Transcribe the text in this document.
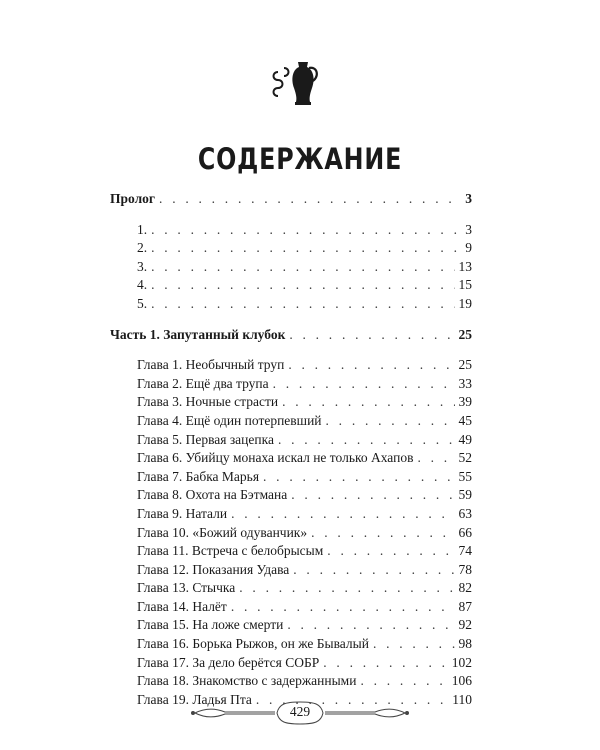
СОДЕРЖАНИЕ
Пролог . . .	3
1. . . .	3
2. . . .	9
3. . . .	13
4. . . .	15
5. . . .	19
Часть 1. Запутанный клубок . . .	25
Глава 1. Необычный труп . . .	25
Глава 2. Ещё два трупа . . .	33
Глава 3. Ночные страсти . . .	39
Глава 4. Ещё один потерпевший . . .	45
Глава 5. Первая зацепка . . .	49
Глава 6. Убийцу монаха искал не только Ахапов . . .	52
Глава 7. Бабка Марья . . .	55
Глава 8. Охота на Бэтмана . . .	59
Глава 9. Натали . . .	63
Глава 10. «Божий одуванчик» . . .	66
Глава 11. Встреча с белобрысым . . .	74
Глава 12. Показания Удава . . .	78
Глава 13. Стычка . . .	82
Глава 14. Налёт . . .	87
Глава 15. На ложе смерти . . .	92
Глава 16. Борька Рыжов, он же Бывалый . . .	98
Глава 17. За дело берётся СОБР . . .	102
Глава 18. Знакомство с задержанными . . .	106
Глава 19. Ладья Пта . . .	110
429
